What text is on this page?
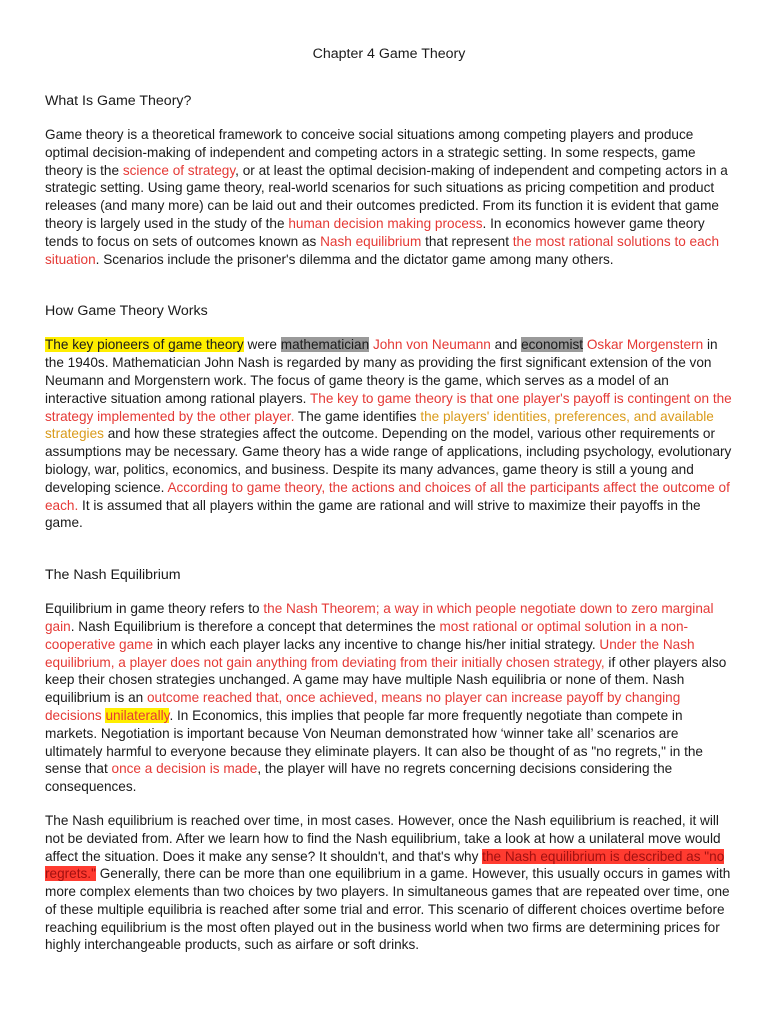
Chapter 4 Game Theory
What Is Game Theory?

Game theory is a theoretical framework to conceive social situations among competing players and produce optimal decision-making of independent and competing actors in a strategic setting. In some respects, game theory is the science of strategy, or at least the optimal decision-making of independent and competing actors in a strategic setting. Using game theory, real-world scenarios for such situations as pricing competition and product releases (and many more) can be laid out and their outcomes predicted. From its function it is evident that game theory is largely used in the study of the human decision making process. In economics however game theory tends to focus on sets of outcomes known as Nash equilibrium that represent the most rational solutions to each situation. Scenarios include the prisoner's dilemma and the dictator game among many others.

How Game Theory Works

The key pioneers of game theory were mathematician John von Neumann and economist Oskar Morgenstern in the 1940s. Mathematician John Nash is regarded by many as providing the first significant extension of the von Neumann and Morgenstern work. The focus of game theory is the game, which serves as a model of an interactive situation among rational players. The key to game theory is that one player's payoff is contingent on the strategy implemented by the other player. The game identifies the players' identities, preferences, and available strategies and how these strategies affect the outcome. Depending on the model, various other requirements or assumptions may be necessary. Game theory has a wide range of applications, including psychology, evolutionary biology, war, politics, economics, and business. Despite its many advances, game theory is still a young and developing science. According to game theory, the actions and choices of all the participants affect the outcome of each. It is assumed that all players within the game are rational and will strive to maximize their payoffs in the game.

The Nash Equilibrium

Equilibrium in game theory refers to the Nash Theorem; a way in which people negotiate down to zero marginal gain. Nash Equilibrium is therefore a concept that determines the most rational or optimal solution in a non-cooperative game in which each player lacks any incentive to change his/her initial strategy. Under the Nash equilibrium, a player does not gain anything from deviating from their initially chosen strategy, if other players also keep their chosen strategies unchanged. A game may have multiple Nash equilibria or none of them. Nash equilibrium is an outcome reached that, once achieved, means no player can increase payoff by changing decisions unilaterally. In Economics, this implies that people far more frequently negotiate than compete in markets. Negotiation is important because Von Neuman demonstrated how ‘winner take all’ scenarios are ultimately harmful to everyone because they eliminate players. It can also be thought of as "no regrets," in the sense that once a decision is made, the player will have no regrets concerning decisions considering the consequences.

The Nash equilibrium is reached over time, in most cases. However, once the Nash equilibrium is reached, it will not be deviated from. After we learn how to find the Nash equilibrium, take a look at how a unilateral move would affect the situation. Does it make any sense? It shouldn't, and that's why the Nash equilibrium is described as "no regrets." Generally, there can be more than one equilibrium in a game. However, this usually occurs in games with more complex elements than two choices by two players. In simultaneous games that are repeated over time, one of these multiple equilibria is reached after some trial and error. This scenario of different choices overtime before reaching equilibrium is the most often played out in the business world when two firms are determining prices for highly interchangeable products, such as airfare or soft drinks.
